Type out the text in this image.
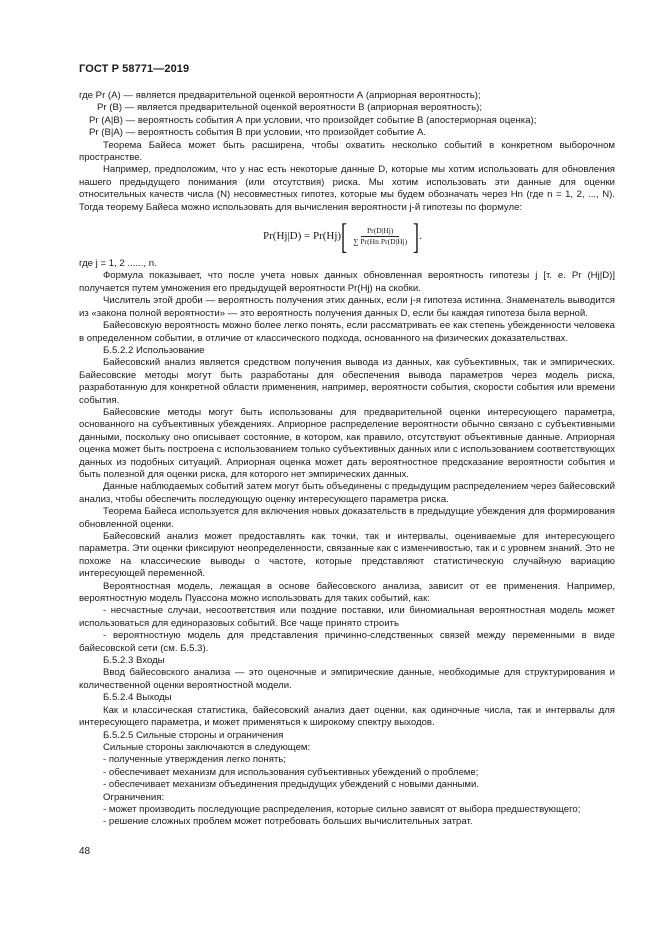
ГОСТ Р 58771—2019

где Pr (A) — является предварительной оценкой вероятности А (априорная вероятность);

Pr (B) — является предварительной оценкой вероятности В (априорная вероятность);

Pr (A|B) — вероятность события А при условии, что произойдет событие В (апостериорная оценка);

Pr (B|A) — вероятность события В при условии, что произойдет событие А.

Теорема Байеса может быть расширена, чтобы охватить несколько событий в конкретном выборочном пространстве.

Например, предположим, что у нас есть некоторые данные D, которые мы хотим использовать для обновления нашего предыдущего понимания (или отсутствия) риска. Мы хотим использовать эти данные для оценки относительных качеств числа (N) несовместных гипотез, которые мы будем обозначать через Hn (где n = 1, 2, ..., N). Тогда теорему Байеса можно использовать для вычисления вероятности j-й гипотезы по формуле:

Pr(Hj|D) = Pr(Hj) [ $\frac{Pr(D|Hj)}{\text{∑ Pr(Hn Pr(D|Hj)}}$ ] .

где j = 1, 2 ......, n.

Формула показывает, что после учета новых данных обновленная вероятность гипотезы j [т. е. Pr (Hj|D)] получается путем умножения его предыдущей вероятности Pr(Hj) на скобки.

Числитель этой дроби — вероятность получения этих данных, если j-я гипотеза истинна. Знаменатель выводится из «закона полной вероятности» — это вероятность получения данных D, если бы каждая гипотеза была верной.

Байесовскую вероятность можно более легко понять, если рассматривать ее как степень убежденности человека в определенном событии, в отличие от классического подхода, основанного на физических доказательствах.

Б.5.2.2 Использование

Байесовский анализ является средством получения вывода из данных, как субъективных, так и эмпирических. Байесовские методы могут быть разработаны для обеспечения вывода параметров через модель риска, разработанную для конкретной области применения, например, вероятности события, скорости события или времени события.

Байесовские методы могут быть использованы для предварительной оценки интересующего параметра, основанного на субъективных убеждениях. Априорное распределение вероятности обычно связано с субъективными данными, поскольку оно описывает состояние, в котором, как правило, отсутствуют объективные данные. Априорная оценка может быть построена с использованием только субъективных данных или с использованием соответствующих данных из подобных ситуаций. Априорная оценка может дать вероятностное предсказание вероятности события и быть полезной для оценки риска, для которого нет эмпирических данных.

Данные наблюдаемых событий затем могут быть объединены с предыдущим распределением через байесовский анализ, чтобы обеспечить последующую оценку интересующего параметра риска.

Теорема Байеса используется для включения новых доказательств в предыдущие убеждения для формирования обновленной оценки.

Байесовский анализ может предоставлять как точки, так и интервалы, оцениваемые для интересующего параметра. Эти оценки фиксируют неопределенности, связанные как с изменчивостью, так и с уровнем знаний. Это не похоже на классические выводы о частоте, которые представляют статистическую случайную вариацию интересующей переменной.

Вероятностная модель, лежащая в основе байесовского анализа, зависит от ее применения. Например, вероятностную модель Пуассона можно использовать для таких событий, как:

- несчастные случаи, несоответствия или поздние поставки, или биномиальная вероятностная модель может использоваться для единоразовых событий. Все чаще принято строить

- вероятностную модель для представления причинно-следственных связей между переменными в виде байесовской сети (см. Б.5.3).

Б.5.2.3 Входы

Ввод байесовского анализа — это оценочные и эмпирические данные, необходимые для структурирования и количественной оценки вероятностной модели.

Б.5.2.4 Выходы

Как и классическая статистика, байесовский анализ дает оценки, как одиночные числа, так и интервалы для интересующего параметра, и может применяться к широкому спектру выходов.

Б.5.2.5 Сильные стороны и ограничения

Сильные стороны заключаются в следующем:

- полученные утверждения легко понять;

- обеспечивает механизм для использования субъективных убеждений о проблеме;

- обеспечивает механизм объединения предыдущих убеждений с новыми данными.

Ограничения:

- может производить последующие распределения, которые сильно зависят от выбора предшествующего;

- решение сложных проблем может потребовать больших вычислительных затрат.

48
